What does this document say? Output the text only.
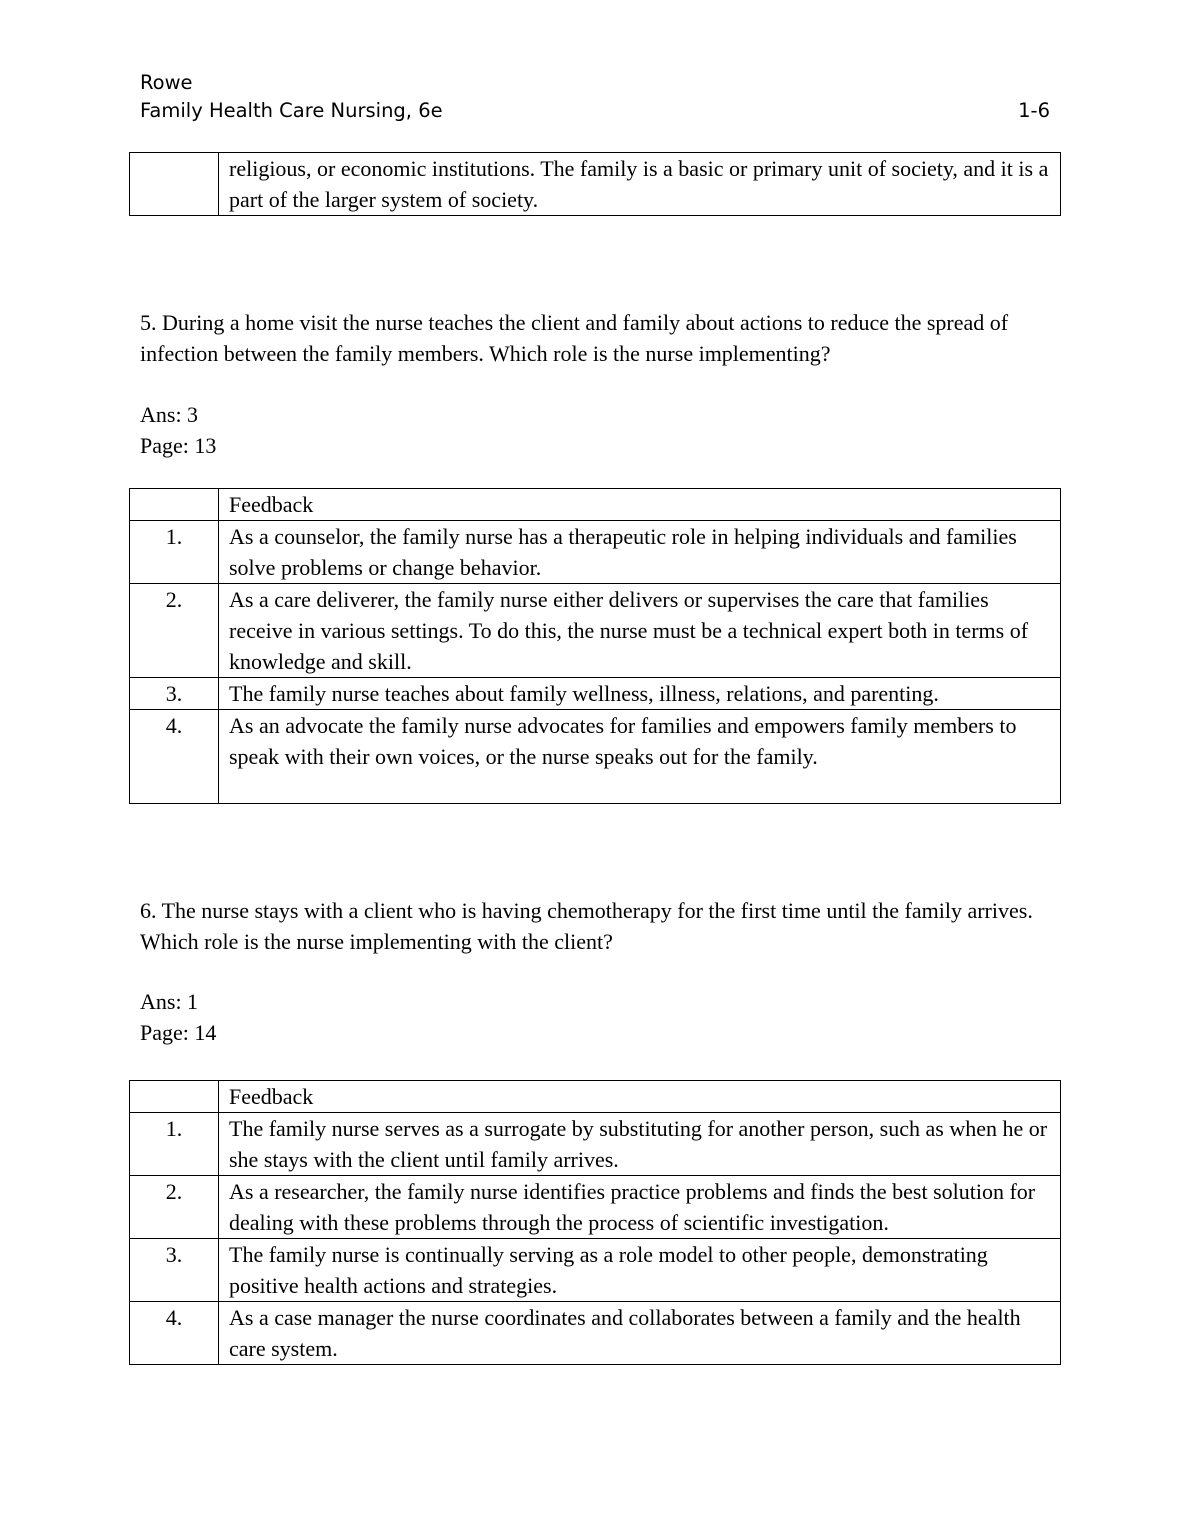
Rowe
Family Health Care Nursing, 6e	1-6
	religious, or economic institutions. The family is a basic or primary unit of society, and it is a part of the larger system of society.
5. During a home visit the nurse teaches the client and family about actions to reduce the spread of infection between the family members. Which role is the nurse implementing?
Ans: 3
Page: 13
	Feedback
1.	As a counselor, the family nurse has a therapeutic role in helping individuals and families solve problems or change behavior.
2.	As a care deliverer, the family nurse either delivers or supervises the care that families receive in various settings. To do this, the nurse must be a technical expert both in terms of knowledge and skill.
3.	The family nurse teaches about family wellness, illness, relations, and parenting.
4.	As an advocate the family nurse advocates for families and empowers family members to speak with their own voices, or the nurse speaks out for the family.
6. The nurse stays with a client who is having chemotherapy for the first time until the family arrives. Which role is the nurse implementing with the client?
Ans: 1
Page: 14
	Feedback
1.	The family nurse serves as a surrogate by substituting for another person, such as when he or she stays with the client until family arrives.
2.	As a researcher, the family nurse identifies practice problems and finds the best solution for dealing with these problems through the process of scientific investigation.
3.	The family nurse is continually serving as a role model to other people, demonstrating positive health actions and strategies.
4.	As a case manager the nurse coordinates and collaborates between a family and the health care system.
